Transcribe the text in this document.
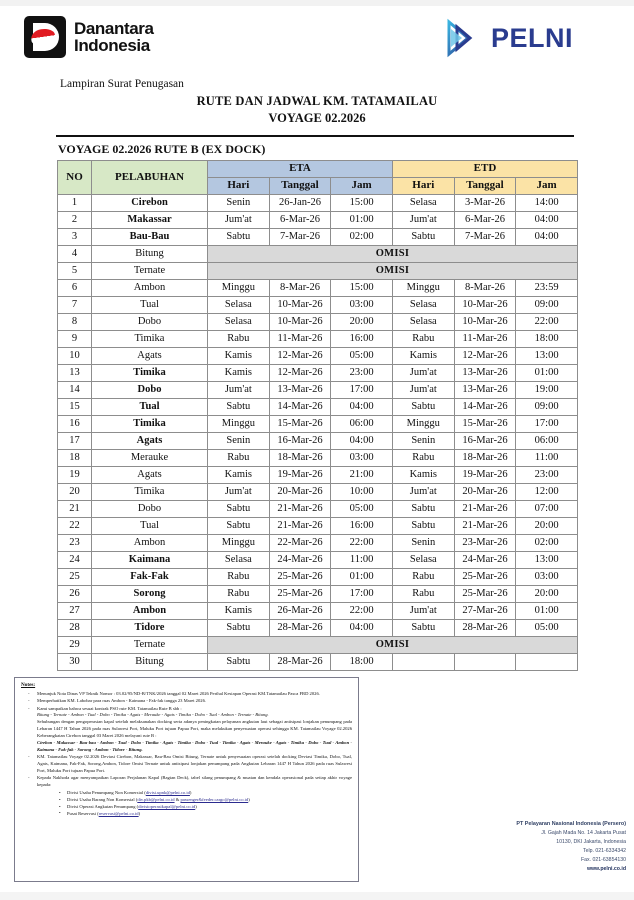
Danantara
Indonesia	PELNI
Lampiran Surat Penugasan
RUTE DAN JADWAL KM. TATAMAILAU
VOYAGE 02.2026
VOYAGE 02.2026 RUTE B (EX DOCK)
NO	PELABUHAN	ETA			ETD		
		Hari	Tanggal	Jam	Hari	Tanggal	Jam
1	Cirebon	Senin	26-Jan-26	15:00	Selasa	3-Mar-26	14:00
2	Makassar	Jum'at	6-Mar-26	01:00	Jum'at	6-Mar-26	04:00
3	Bau-Bau	Sabtu	7-Mar-26	02:00	Sabtu	7-Mar-26	04:00
4	Bitung	OMISI					
5	Ternate	OMISI					
6	Ambon	Minggu	8-Mar-26	15:00	Minggu	8-Mar-26	23:59
7	Tual	Selasa	10-Mar-26	03:00	Selasa	10-Mar-26	09:00
8	Dobo	Selasa	10-Mar-26	20:00	Selasa	10-Mar-26	22:00
9	Timika	Rabu	11-Mar-26	16:00	Rabu	11-Mar-26	18:00
10	Agats	Kamis	12-Mar-26	05:00	Kamis	12-Mar-26	13:00
13	Timika	Kamis	12-Mar-26	23:00	Jum'at	13-Mar-26	01:00
14	Dobo	Jum'at	13-Mar-26	17:00	Jum'at	13-Mar-26	19:00
15	Tual	Sabtu	14-Mar-26	04:00	Sabtu	14-Mar-26	09:00
16	Timika	Minggu	15-Mar-26	06:00	Minggu	15-Mar-26	17:00
17	Agats	Senin	16-Mar-26	04:00	Senin	16-Mar-26	06:00
18	Merauke	Rabu	18-Mar-26	03:00	Rabu	18-Mar-26	11:00
19	Agats	Kamis	19-Mar-26	21:00	Kamis	19-Mar-26	23:00
20	Timika	Jum'at	20-Mar-26	10:00	Jum'at	20-Mar-26	12:00
21	Dobo	Sabtu	21-Mar-26	05:00	Sabtu	21-Mar-26	07:00
22	Tual	Sabtu	21-Mar-26	16:00	Sabtu	21-Mar-26	20:00
23	Ambon	Minggu	22-Mar-26	22:00	Senin	23-Mar-26	02:00
24	Kaimana	Selasa	24-Mar-26	11:00	Selasa	24-Mar-26	13:00
25	Fak-Fak	Rabu	25-Mar-26	01:00	Rabu	25-Mar-26	03:00
26	Sorong	Rabu	25-Mar-26	17:00	Rabu	25-Mar-26	20:00
27	Ambon	Kamis	26-Mar-26	22:00	Jum'at	27-Mar-26	01:00
28	Tidore	Sabtu	28-Mar-26	04:00	Sabtu	28-Mar-26	05:00
29	Ternate	OMISI					
30	Bitung	Sabtu	28-Mar-26	18:00			
Notes:
- Menunjuk Nota Dinas VP Teknik Nomor : 03.02/95/ND-B/TNK/2026 tanggal 02 Maret 2026 Perihal Kesiapan Operasi KM.Tatamailau Pasca FRD 2026.
- Memperhatikan KM. Labobar para ruas Ambon - Kaimana - Fak-fak tangga 23 Maret 2026.
- Kami sampaikan bahwa sesuai kontrak PSO rute KM. Tatamailau Rute B sbb :
Bitung - Ternate - Ambon - Tual - Dobo - Timika - Agats - Merauke - Agats - Timika - Dobo - Tual - Ambon - Ternate - Bitung.
Sehubungan dengan pengoperasian kapal setelah melaksanakan docking serta adanya peningkatan pelayanan angkutan laut sebagai antisipasi lonjakan penumpang pada Lebaran 1447 H Tahun 2026 pada ruas Sulawesi Port, Maluku Port tujuan Papua Port, maka melakukan penyesuaian operasi sehingga KM. Tatamailau Voyage 02.2026 Keberangkatan Cirebon tanggal 03 Maret 2026 melayani rute B :
Cirebon - Makassar - Bau-bau - Ambon - Tual - Dobo - Timika - Agats - Timika - Dobo - Tual - Timika - Agats - Merauke - Agats - Timika - Dobo - Tual - Ambon - Kaimana - Fak-fak - Sorong - Ambon - Tidore - Bitung.
- KM. Tatamailau Voyage 02.2026 Deviasi Cirebon, Makassar, Bau-Bau Omisi Bitung, Ternate untuk penyesuaian operasi setelah docking Deviasi Timika, Dobo, Tual, Agats, Kaimana, Fak-Fak, Sorong,Ambon, Tidore Omisi Ternate untuk antisipasi lonjakan penumpang pada Angkutan Lebaran 1447 H Tahun 2026 pada ruas Sulawesi Port, Maluku Port tujuan Papua Port.
- Kepada Nakhoda agar menyampaikan Laporan Perjalanan Kapal (Bagian Deck), tabel silang penumpang & muatan dan kendala operasional pada setiap akhir voyage kepada:
• Divisi Usaha Penumpang Non Komersial (divisi.upnk@pelni.co.id)
• Divisi Usaha Barang Non Komersial (div.pkb@pelni.co.id & passenger&feeder.cargo@pelni.co.id)
• Divisi Operasi Angkutan Penumpang (divisioperasikapal@pelni.co.id)
• Pusat Reservasi (reservasi@pelni.co.id)
PT Pelayaran Nasional Indonesia (Persero)
Jl. Gajah Mada No. 14 Jakarta Pusat
10130, DKI Jakarta, Indonesia
Telp. 021-6334342
Fax. 021-63854130
www.pelni.co.id
